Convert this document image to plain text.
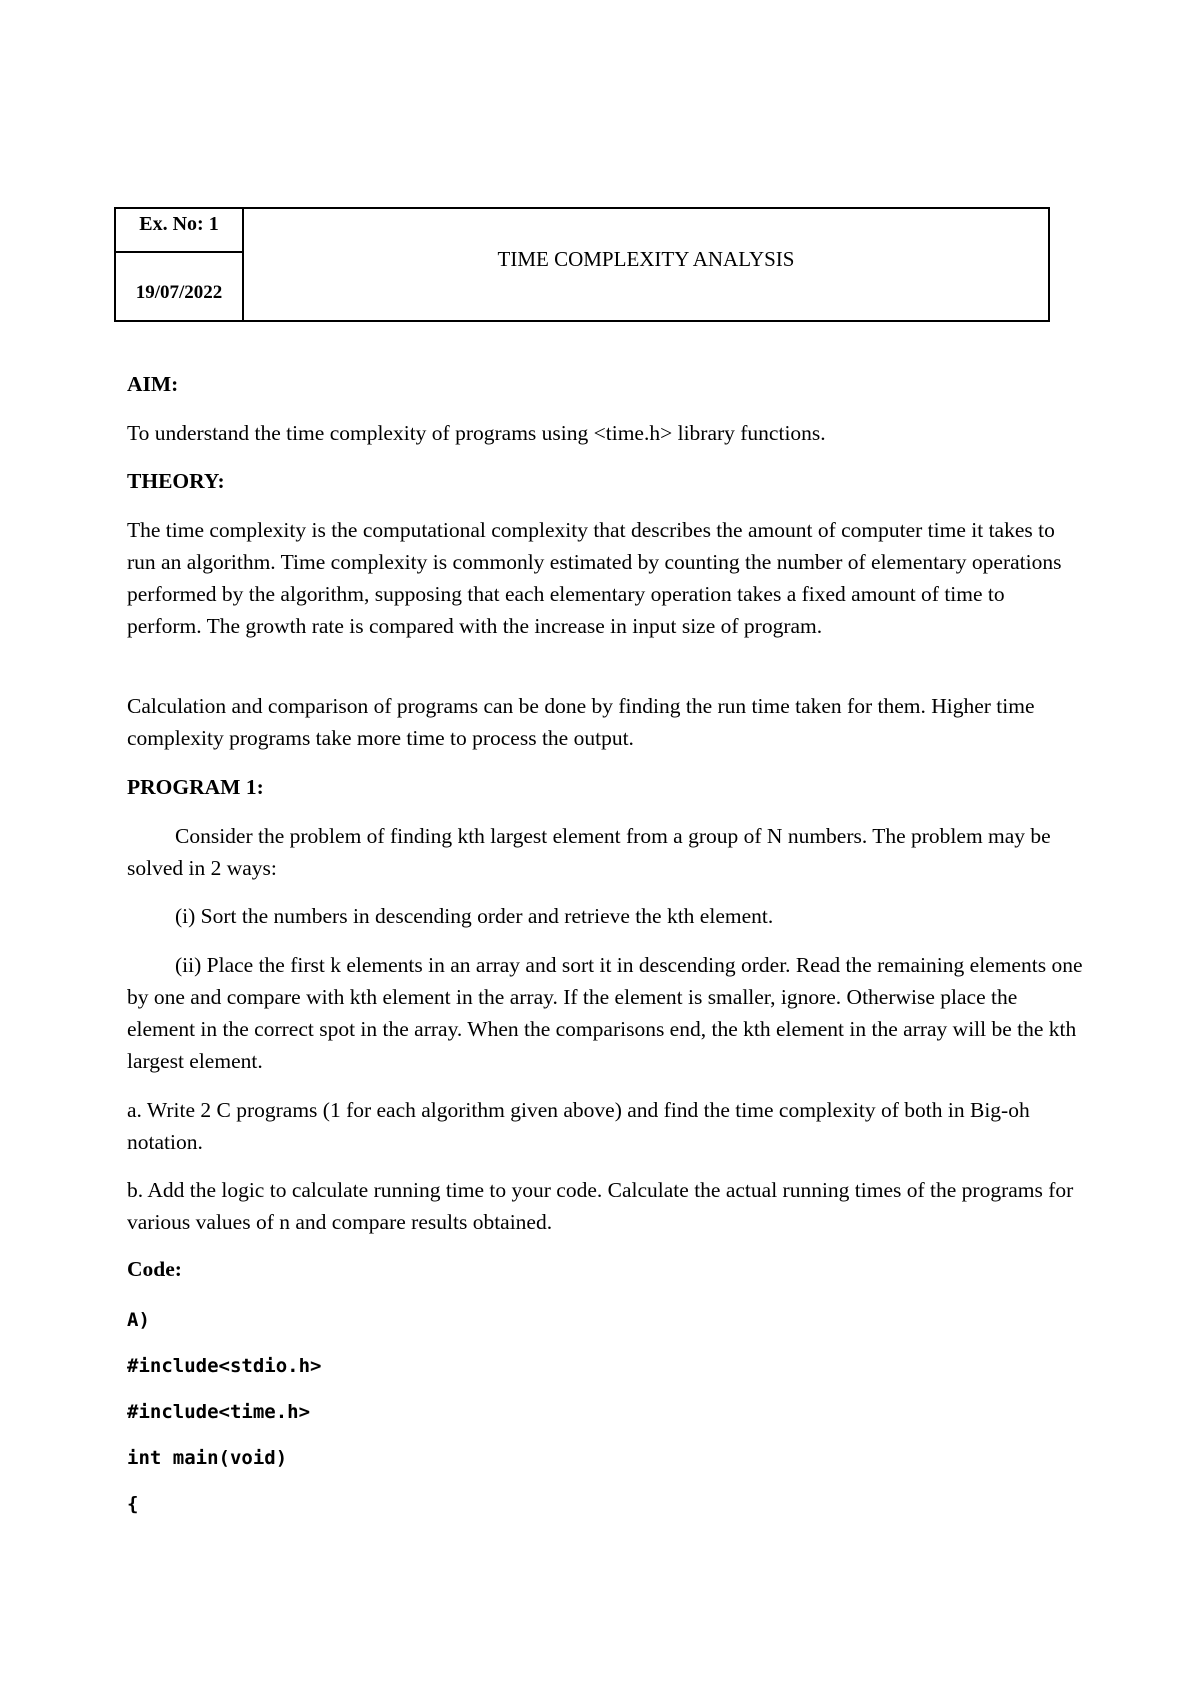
Ex. No: 1
19/07/2022
TIME COMPLEXITY ANALYSIS

AIM:

To understand the time complexity of programs using <time.h> library functions.

THEORY:

The time complexity is the computational complexity that describes the amount of computer time it takes to run an algorithm. Time complexity is commonly estimated by counting the number of elementary operations performed by the algorithm, supposing that each elementary operation takes a fixed amount of time to perform. The growth rate is compared with the increase in input size of program.

Calculation and comparison of programs can be done by finding the run time taken for them. Higher time complexity programs take more time to process the output.

PROGRAM 1:

Consider the problem of finding kth largest element from a group of N numbers. The problem may be solved in 2 ways:

(i) Sort the numbers in descending order and retrieve the kth element.

(ii) Place the first k elements in an array and sort it in descending order. Read the remaining elements one by one and compare with kth element in the array. If the element is smaller, ignore. Otherwise place the element in the correct spot in the array. When the comparisons end, the kth element in the array will be the kth largest element.

a. Write 2 C programs (1 for each algorithm given above) and find the time complexity of both in Big-oh notation.

b. Add the logic to calculate running time to your code. Calculate the actual running times of the programs for various values of n and compare results obtained.

Code:

A)

#include<stdio.h>

#include<time.h>

int main(void)

{
